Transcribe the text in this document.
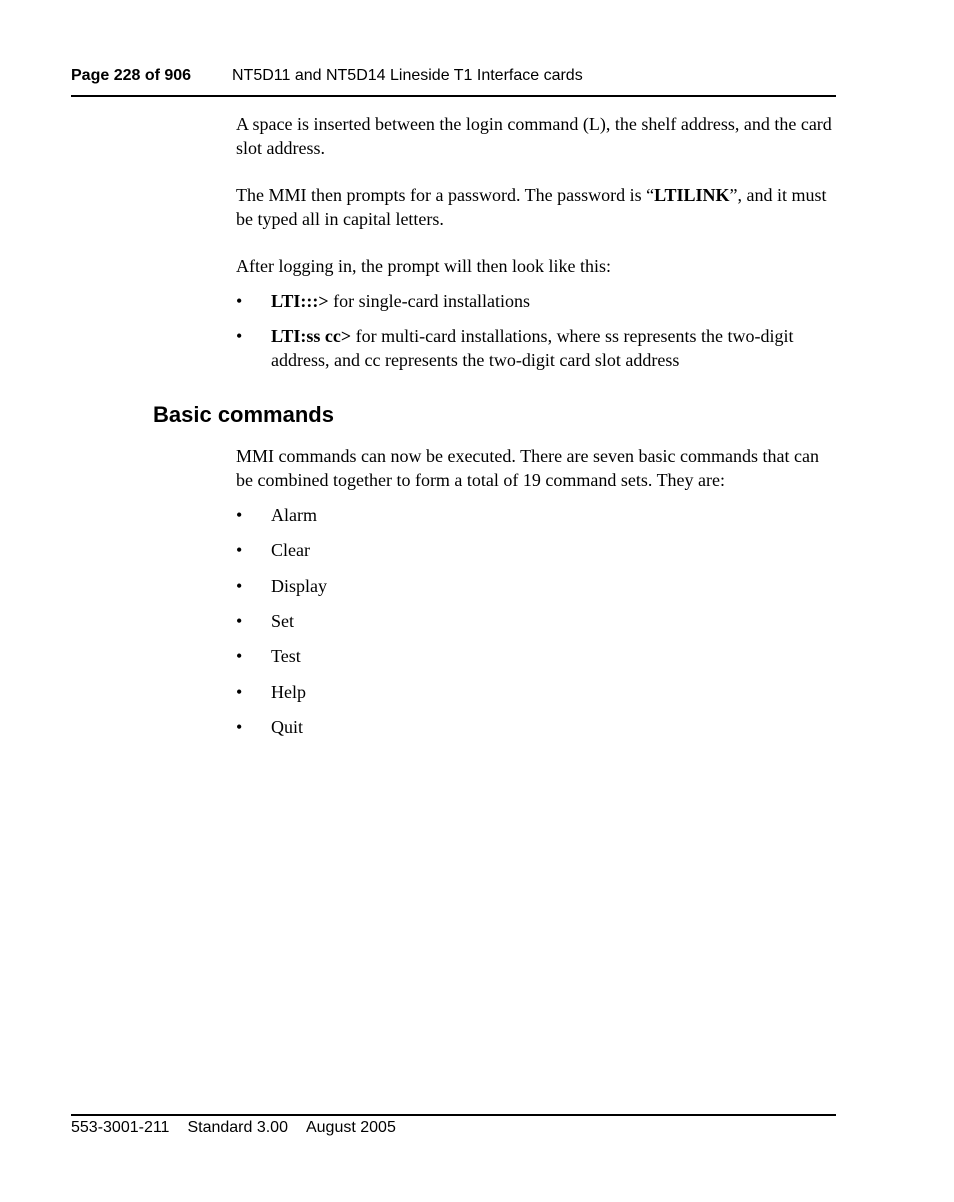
Page 228 of 906	NT5D11 and NT5D14 Lineside T1 Interface cards

A space is inserted between the login command (L), the shelf address, and the card slot address.

The MMI then prompts for a password. The password is “LTILINK”, and it must be typed all in capital letters.

After logging in, the prompt will then look like this:

• LTI:::> for single-card installations
• LTI:ss cc> for multi-card installations, where ss represents the two-digit address, and cc represents the two-digit card slot address
Basic commands

MMI commands can now be executed. There are seven basic commands that can be combined together to form a total of 19 command sets. They are:

• Alarm
• Clear
• Display
• Set
• Test
• Help
• Quit
553-3001-211 Standard 3.00 August 2005
